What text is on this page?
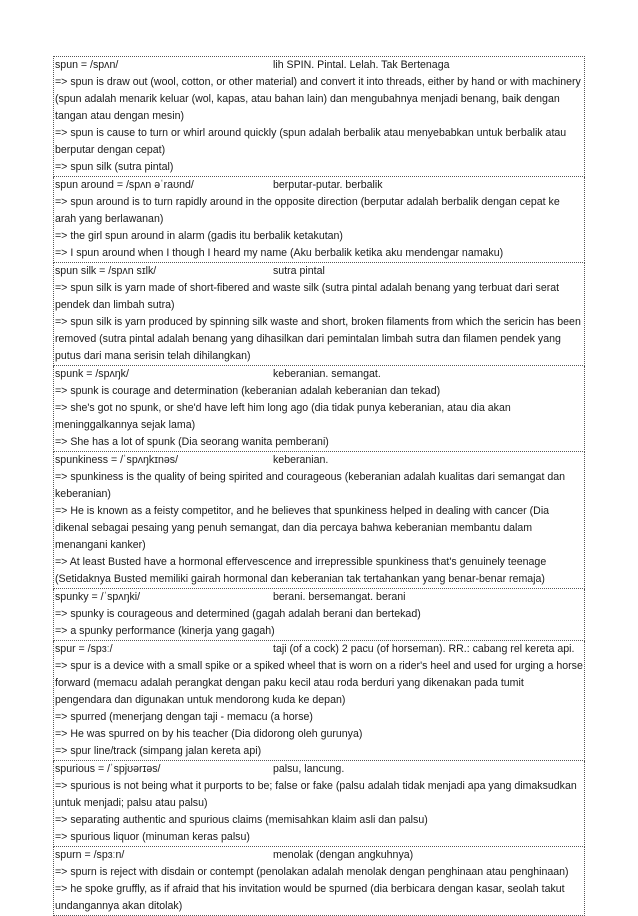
spun = /spʌn/	lih SPIN. Pintal. Lelah. Tak Bertenaga
=> spun is draw out (wool, cotton, or other material) and convert it into threads, either by hand or with machinery (spun adalah menarik keluar (wol, kapas, atau bahan lain) dan mengubahnya menjadi benang, baik dengan tangan atau dengan mesin)
=> spun is cause to turn or whirl around quickly (spun adalah berbalik atau menyebabkan untuk berbalik atau berputar dengan cepat)
=> spun silk (sutra pintal)
spun around = /spʌn əˈraʊnd/	berputar-putar. berbalik
=> spun around is to turn rapidly around in the opposite direction (berputar adalah berbalik dengan cepat ke arah yang berlawanan)
=> the girl spun around in alarm (gadis itu berbalik ketakutan)
=> I spun around when I though I heard my name (Aku berbalik ketika aku mendengar namaku)
spun silk = /spʌn sɪlk/	sutra pintal
=> spun silk is yarn made of short-fibered and waste silk (sutra pintal adalah benang yang terbuat dari serat pendek dan limbah sutra)
=> spun silk is yarn produced by spinning silk waste and short, broken filaments from which the sericin has been removed (sutra pintal adalah benang yang dihasilkan dari pemintalan limbah sutra dan filamen pendek yang putus dari mana serisin telah dihilangkan)
spunk = /spʌŋk/	keberanian. semangat.
=> spunk is courage and determination (keberanian adalah keberanian dan tekad)
=> she's got no spunk, or she'd have left him long ago (dia tidak punya keberanian, atau dia akan meninggalkannya sejak lama)
=> She has a lot of spunk (Dia seorang wanita pemberani)
spunkiness = /ˈspʌŋkɪnəs/	keberanian.
=> spunkiness is the quality of being spirited and courageous (keberanian adalah kualitas dari semangat dan keberanian)
=> He is known as a feisty competitor, and he believes that spunkiness helped in dealing with cancer (Dia dikenal sebagai pesaing yang penuh semangat, dan dia percaya bahwa keberanian membantu dalam menangani kanker)
=> At least Busted have a hormonal effervescence and irrepressible spunkiness that's genuinely teenage (Setidaknya Busted memiliki gairah hormonal dan keberanian tak tertahankan yang benar-benar remaja)
spunky = /ˈspʌŋki/	berani. bersemangat. berani
=> spunky is courageous and determined (gagah adalah berani dan bertekad)
=> a spunky performance (kinerja yang gagah)
spur = /spɜː/	taji (of a cock) 2 pacu (of horseman). RR.: cabang rel kereta api.
=> spur is a device with a small spike or a spiked wheel that is worn on a rider's heel and used for urging a horse forward (memacu adalah perangkat dengan paku kecil atau roda berduri yang dikenakan pada tumit pengendara dan digunakan untuk mendorong kuda ke depan)
=> spurred (menerjang dengan taji - memacu (a horse)
=> He was spurred on by his teacher (Dia didorong oleh gurunya)
=> spur line/track (simpang jalan kereta api)
spurious = /ˈspjʊərɪəs/	palsu, lancung.
=> spurious is not being what it purports to be; false or fake (palsu adalah tidak menjadi apa yang dimaksudkan untuk menjadi; palsu atau palsu)
=> separating authentic and spurious claims (memisahkan klaim asli dan palsu)
=> spurious liquor (minuman keras palsu)
spurn = /spɜːn/	menolak (dengan angkuhnya)
=> spurn is reject with disdain or contempt (penolakan adalah menolak dengan penghinaan atau penghinaan)
=> he spoke gruffly, as if afraid that his invitation would be spurned (dia berbicara dengan kasar, seolah takut undangannya akan ditolak)
